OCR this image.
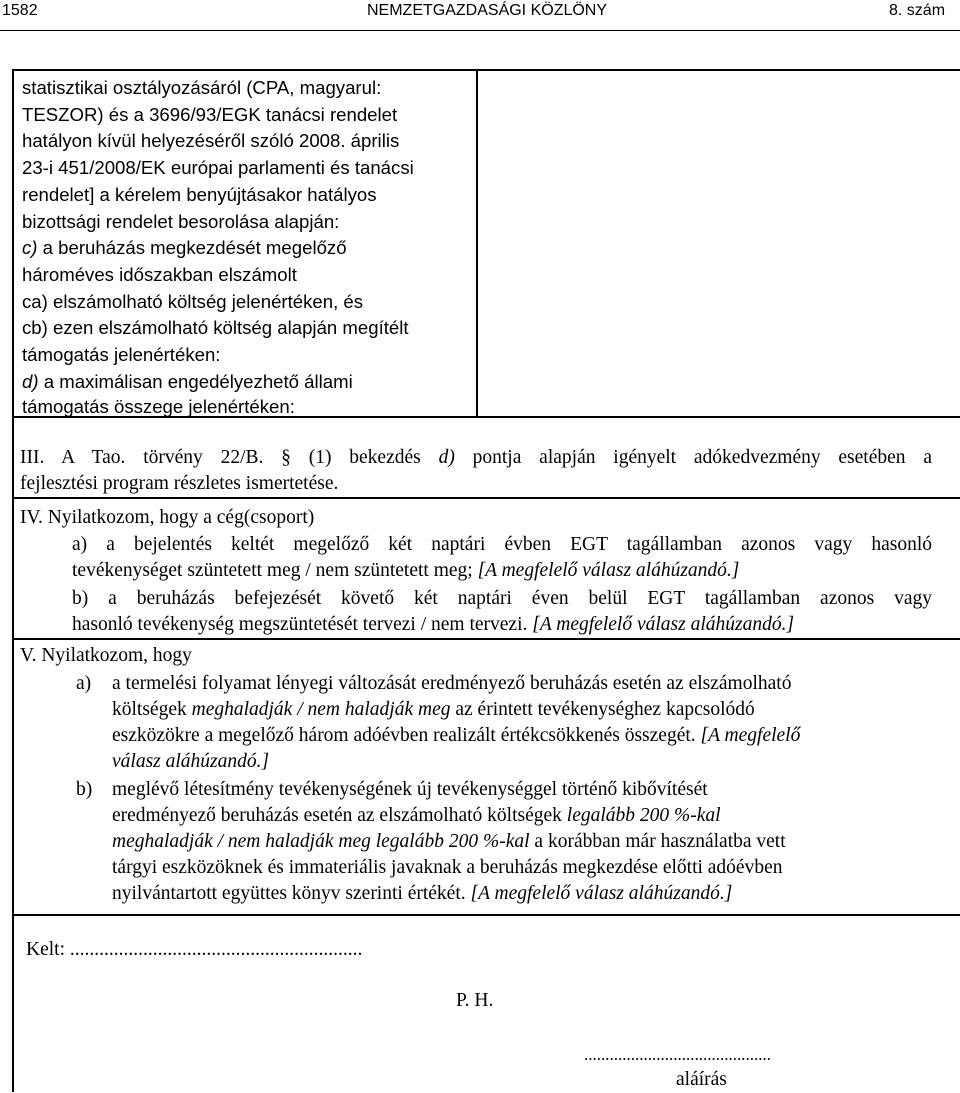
1582	NEMZETGAZDASÁGI KÖZLÖNY	8. szám
statisztikai osztályozásáról (CPA, magyarul:
TESZOR) és a 3696/93/EGK tanácsi rendelet
hatályon kívül helyezéséről szóló 2008. április
23-i 451/2008/EK európai parlamenti és tanácsi
rendelet] a kérelem benyújtásakor hatályos
bizottsági rendelet besorolása alapján:
c) a beruházás megkezdését megelőző
hároméves időszakban elszámolt
ca) elszámolható költség jelenértéken, és
cb) ezen elszámolható költség alapján megítélt
támogatás jelenértéken:
d) a maximálisan engedélyezhető állami
támogatás összege jelenértéken:
III. A Tao. törvény 22/B. § (1) bekezdés d) pontja alapján igényelt adókedvezmény esetében a
fejlesztési program részletes ismertetése.
IV. Nyilatkozom, hogy a cég(csoport)
a) a bejelentés keltét megelőző két naptári évben EGT tagállamban azonos vagy hasonló
tevékenységet szüntetett meg / nem szüntetett meg; [A megfelelő válasz aláhúzandó.]
b) a beruházás befejezését követő két naptári éven belül EGT tagállamban azonos vagy
hasonló tevékenység megszüntetését tervezi / nem tervezi. [A megfelelő válasz aláhúzandó.]
V. Nyilatkozom, hogy
a) a termelési folyamat lényegi változását eredményező beruházás esetén az elszámolható
költségek meghaladják / nem haladják meg az érintett tevékenységhez kapcsolódó
eszközökre a megelőző három adóévben realizált értékcsökkenés összegét. [A megfelelő
válasz aláhúzandó.]
b) meglévő létesítmény tevékenységének új tevékenységgel történő kibővítését
eredményező beruházás esetén az elszámolható költségek legalább 200 %-kal
meghaladják / nem haladják meg legalább 200 %-kal a korábban már használatba vett
tárgyi eszközöknek és immateriális javaknak a beruházás megkezdése előtti adóévben
nyilvántartott együttes könyv szerinti értékét. [A megfelelő válasz aláhúzandó.]
Kelt: ............................................................
P. H.
............................................
aláírás
